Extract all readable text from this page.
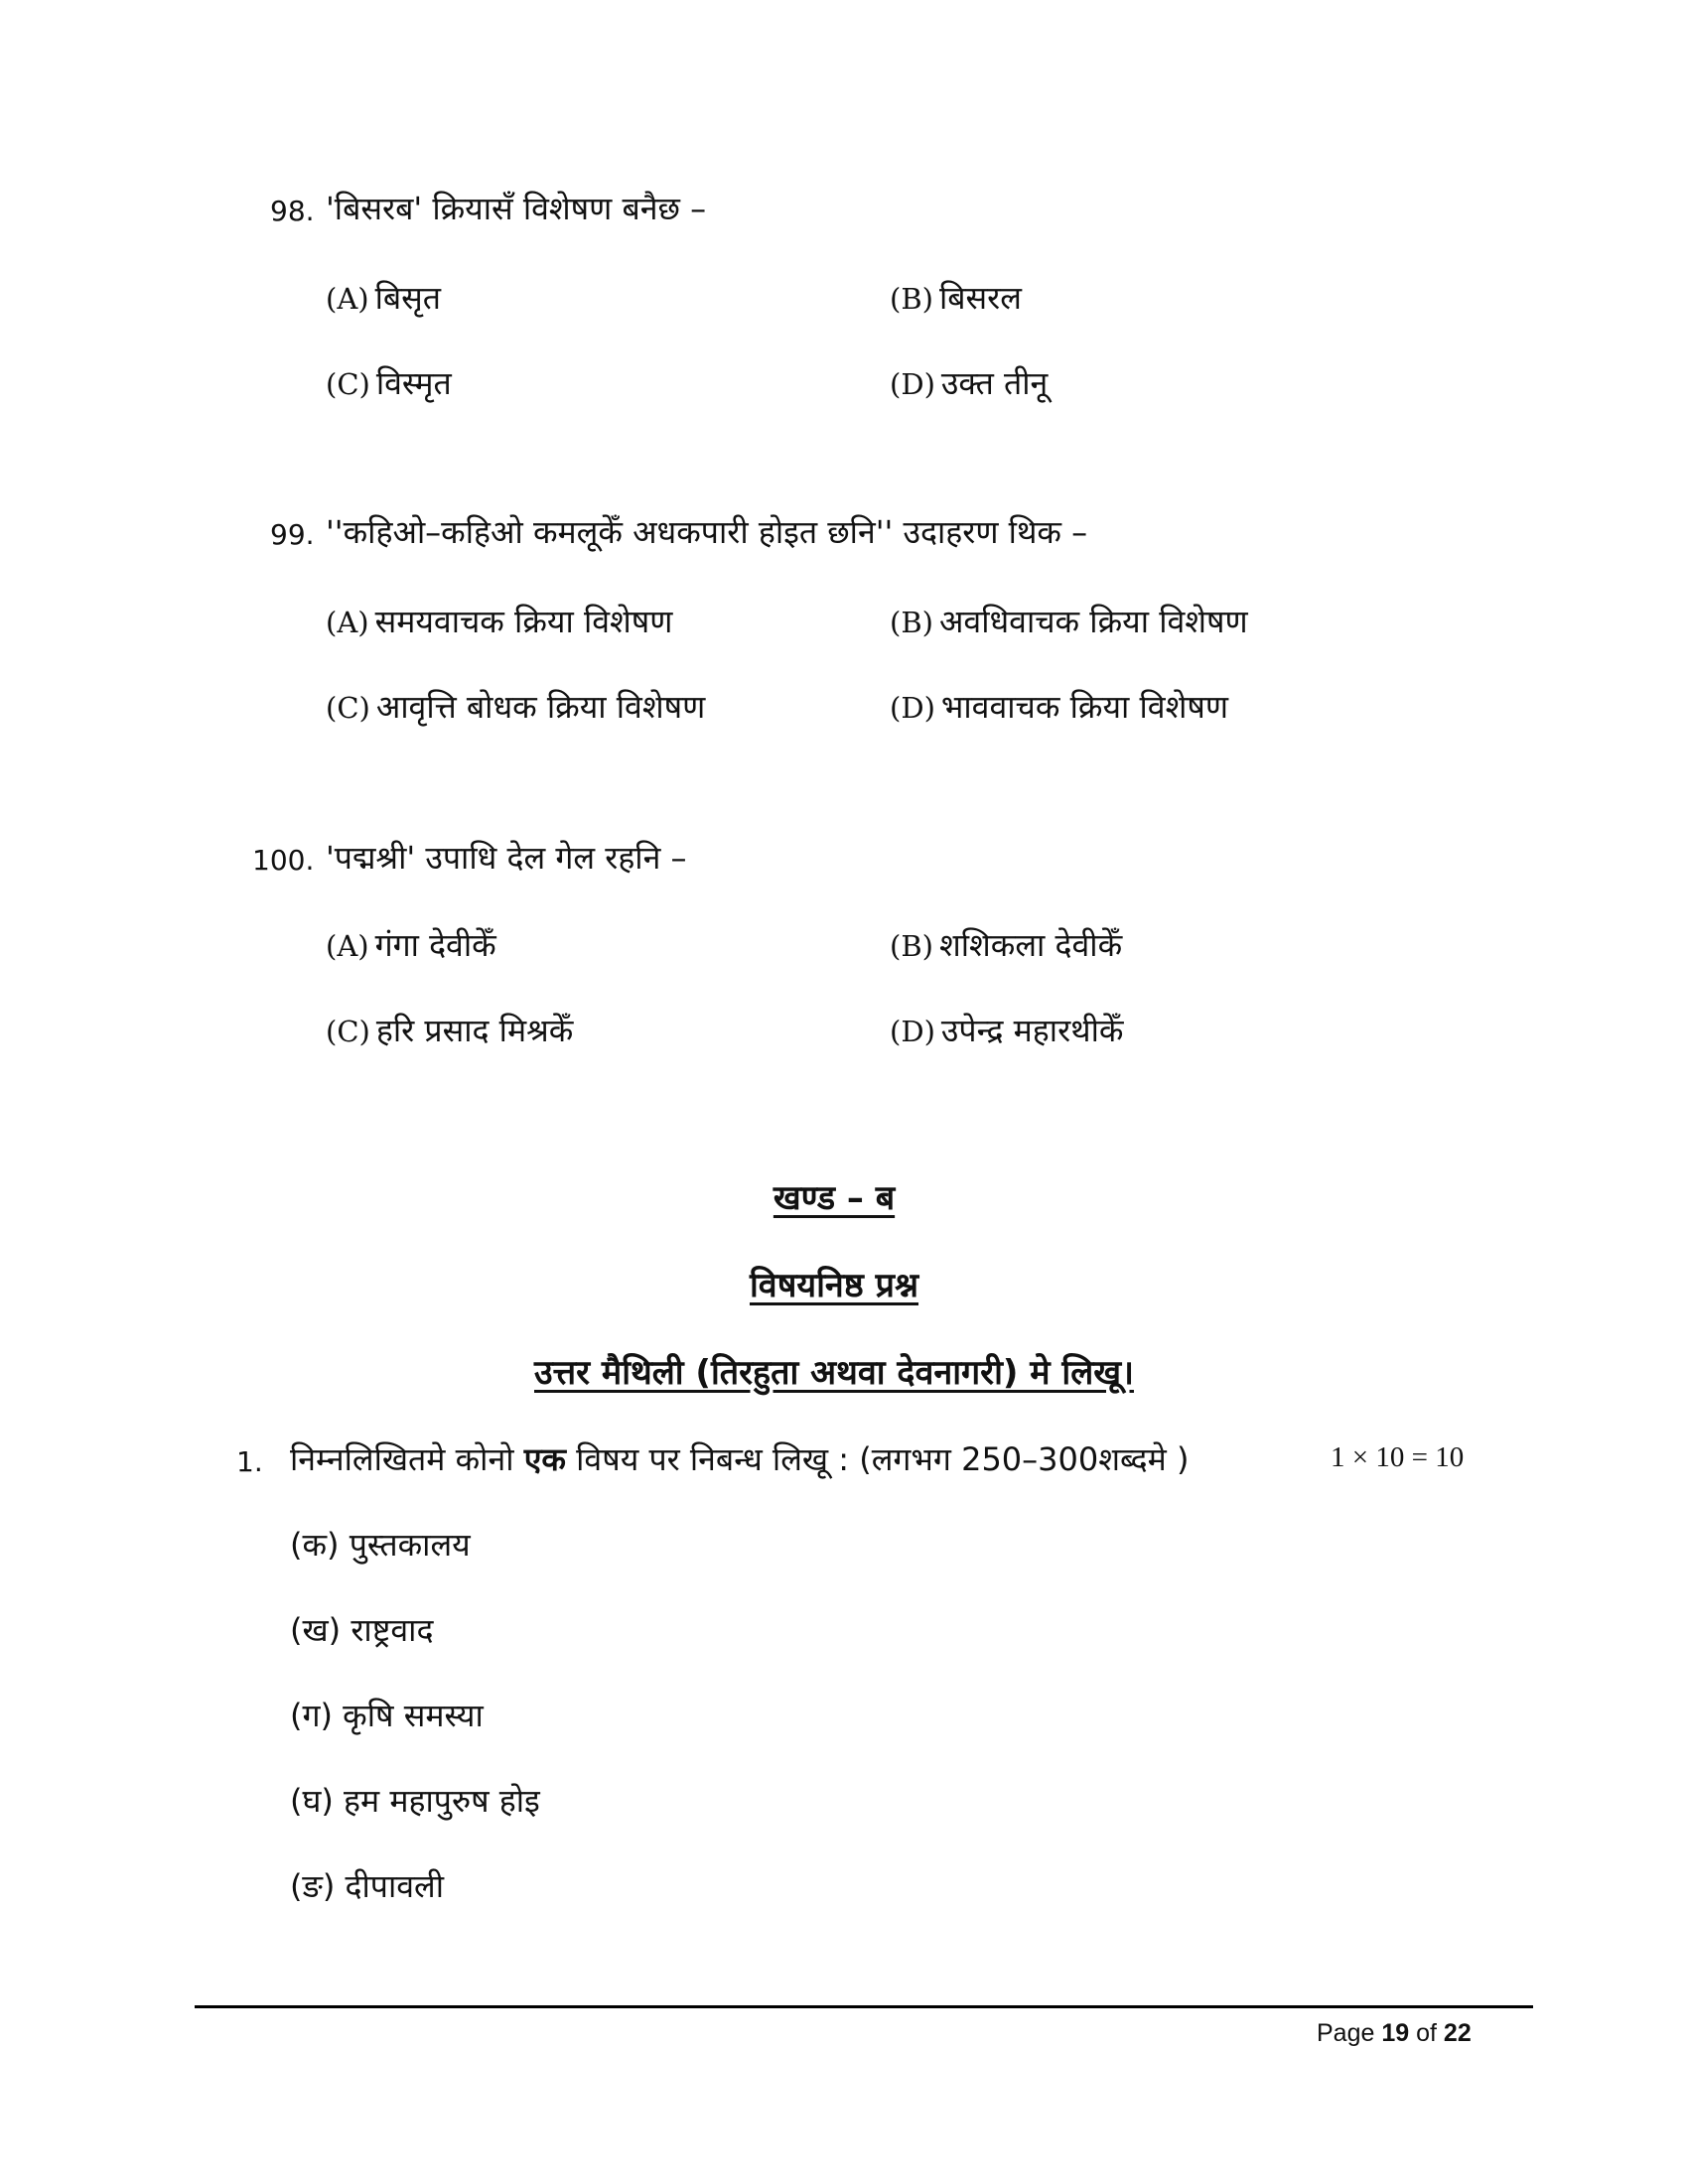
98. 'बिसरब' क्रियासँ विशेषण बनैछ –
(A) बिसृत	(B) बिसरल
(C) विस्मृत	(D) उक्त तीनू
99. ''कहिओ–कहिओ कमलूकेँ अधकपारी होइत छनि'' उदाहरण थिक –
(A) समयवाचक क्रिया विशेषण	(B) अवधिवाचक क्रिया विशेषण
(C) आवृत्ति बोधक क्रिया विशेषण	(D) भाववाचक क्रिया विशेषण
100. 'पद्मश्री' उपाधि देल गेल रहनि –
(A) गंगा देवीकेँ	(B) शशिकला देवीकेँ
(C) हरि प्रसाद मिश्रकेँ	(D) उपेन्द्र महारथीकेँ
खण्ड – ब
विषयनिष्ठ प्रश्न
उत्तर मैथिली (तिरहुता अथवा देवनागरी) मे लिखू।
1. निम्नलिखितमे कोनो एक विषय पर निबन्ध लिखू : (लगभग 250–300शब्दमे )	1 × 10 = 10
(क) पुस्तकालय
(ख) राष्ट्रवाद
(ग) कृषि समस्या
(घ) हम महापुरुष होइ
(ङ) दीपावली
Page 19 of 22
